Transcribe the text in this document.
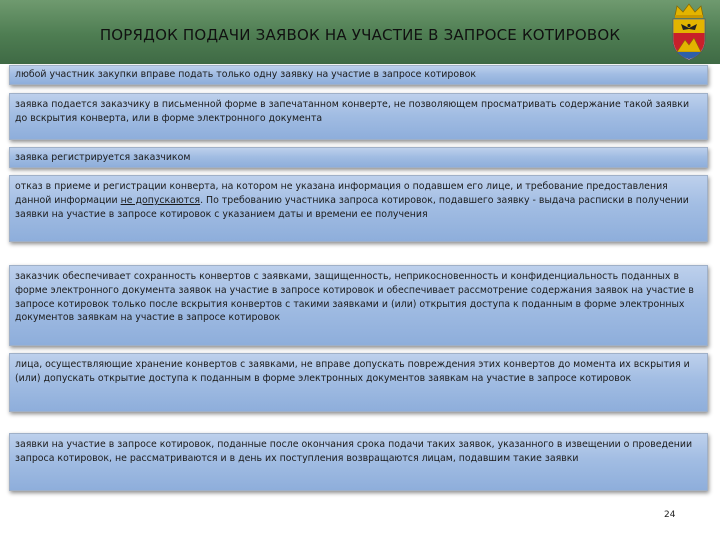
ПОРЯДОК ПОДАЧИ ЗАЯВОК НА УЧАСТИЕ В ЗАПРОСЕ КОТИРОВОК
любой участник закупки вправе подать только одну заявку на участие в запросе котировок
заявка подается заказчику в письменной форме в запечатанном конверте, не позволяющем просматривать содержание такой заявки до вскрытия конверта, или в форме электронного документа
заявка регистрируется заказчиком
отказ в приеме и регистрации конверта, на котором не указана информация о подавшем его лице, и требование предоставления данной информации не допускаются. По требованию участника запроса котировок, подавшего заявку - выдача расписки в получении заявки на участие в запросе котировок с указанием даты и времени ее получения
заказчик обеспечивает сохранность конвертов с заявками, защищенность, неприкосновенность и конфиденциальность поданных в форме электронного документа заявок на участие в запросе котировок и обеспечивает рассмотрение содержания заявок на участие в запросе котировок только после вскрытия конвертов с такими заявками и (или) открытия доступа к поданным в форме электронных документов заявкам на участие в запросе котировок
лица, осуществляющие хранение конвертов с заявками, не вправе допускать повреждения этих конвертов до момента их вскрытия и (или) допускать открытие доступа к поданным в форме электронных документов заявкам на участие в запросе котировок
заявки на участие в запросе котировок, поданные после окончания срока подачи таких заявок, указанного в извещении о проведении запроса котировок, не рассматриваются и в день их поступления возвращаются лицам, подавшим такие заявки
24
